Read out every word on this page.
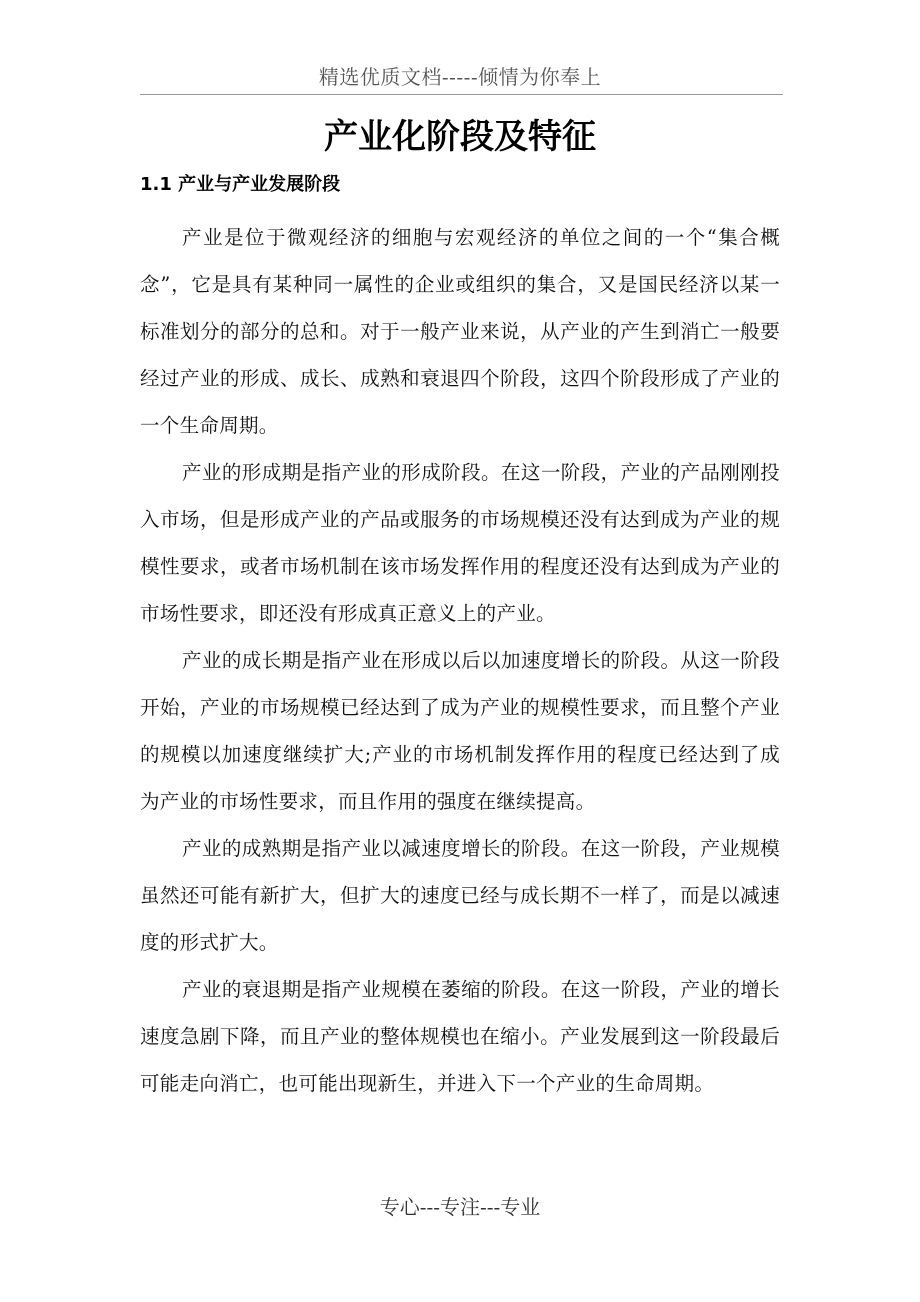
精选优质文档-----倾情为你奉上
产业化阶段及特征
1.1 产业与产业发展阶段

产业是位于微观经济的细胞与宏观经济的单位之间的一个“集合概念”，它是具有某种同一属性的企业或组织的集合，又是国民经济以某一标准划分的部分的总和。对于一般产业来说，从产业的产生到消亡一般要经过产业的形成、成长、成熟和衰退四个阶段，这四个阶段形成了产业的一个生命周期。

产业的形成期是指产业的形成阶段。在这一阶段，产业的产品刚刚投入市场，但是形成产业的产品或服务的市场规模还没有达到成为产业的规模性要求，或者市场机制在该市场发挥作用的程度还没有达到成为产业的市场性要求，即还没有形成真正意义上的产业。

产业的成长期是指产业在形成以后以加速度增长的阶段。从这一阶段开始，产业的市场规模已经达到了成为产业的规模性要求，而且整个产业的规模以加速度继续扩大;产业的市场机制发挥作用的程度已经达到了成为产业的市场性要求，而且作用的强度在继续提高。

产业的成熟期是指产业以减速度增长的阶段。在这一阶段，产业规模虽然还可能有新扩大，但扩大的速度已经与成长期不一样了，而是以减速度的形式扩大。

产业的衰退期是指产业规模在萎缩的阶段。在这一阶段，产业的增长速度急剧下降，而且产业的整体规模也在缩小。产业发展到这一阶段最后可能走向消亡，也可能出现新生，并进入下一个产业的生命周期。

专心---专注---专业
